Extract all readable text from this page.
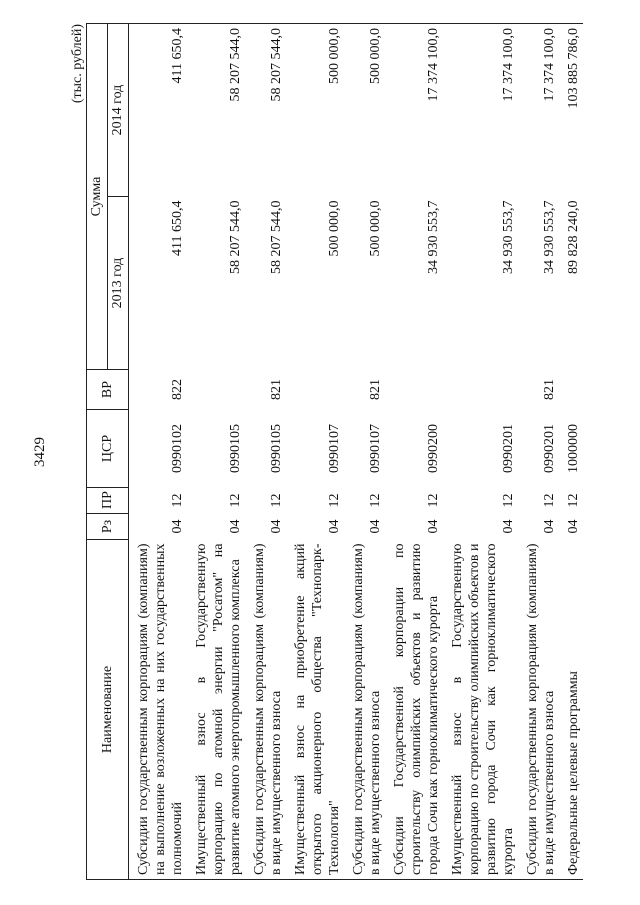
3429
(тыс. рублей)
Наименование	Рз	ПР	ЦСР	ВР	Сумма	
					2013 год	2014 год
Субсидии государственным корпорациям (компаниям) на выполнение возложенных на них государственных полномочий	04	12	0990102	822	411 650,4	411 650,4
Имущественный взнос в Государственную корпорацию по атомной энергии "Росатом" на развитие атомного энергопромышленного комплекса	04	12	0990105		58 207 544,0	58 207 544,0
Субсидии государственным корпорациям (компаниям) в виде имущественного взноса	04	12	0990105	821	58 207 544,0	58 207 544,0
Имущественный взнос на приобретение акций открытого акционерного общества "Технопарк-Технология"	04	12	0990107		500 000,0	500 000,0
Субсидии государственным корпорациям (компаниям) в виде имущественного взноса	04	12	0990107	821	500 000,0	500 000,0
Субсидии Государственной корпорации по строительству олимпийских объектов и развитию города Сочи как горноклиматического курорта	04	12	0990200		34 930 553,7	17 374 100,0
Имущественный взнос в Государственную корпорацию по строительству олимпийских объектов и развитию города Сочи как горноклиматического курорта	04	12	0990201		34 930 553,7	17 374 100,0
Субсидии государственным корпорациям (компаниям) в виде имущественного взноса	04	12	0990201	821	34 930 553,7	17 374 100,0
Федеральные целевые программы	04	12	1000000		89 828 240,0	103 885 786,0
